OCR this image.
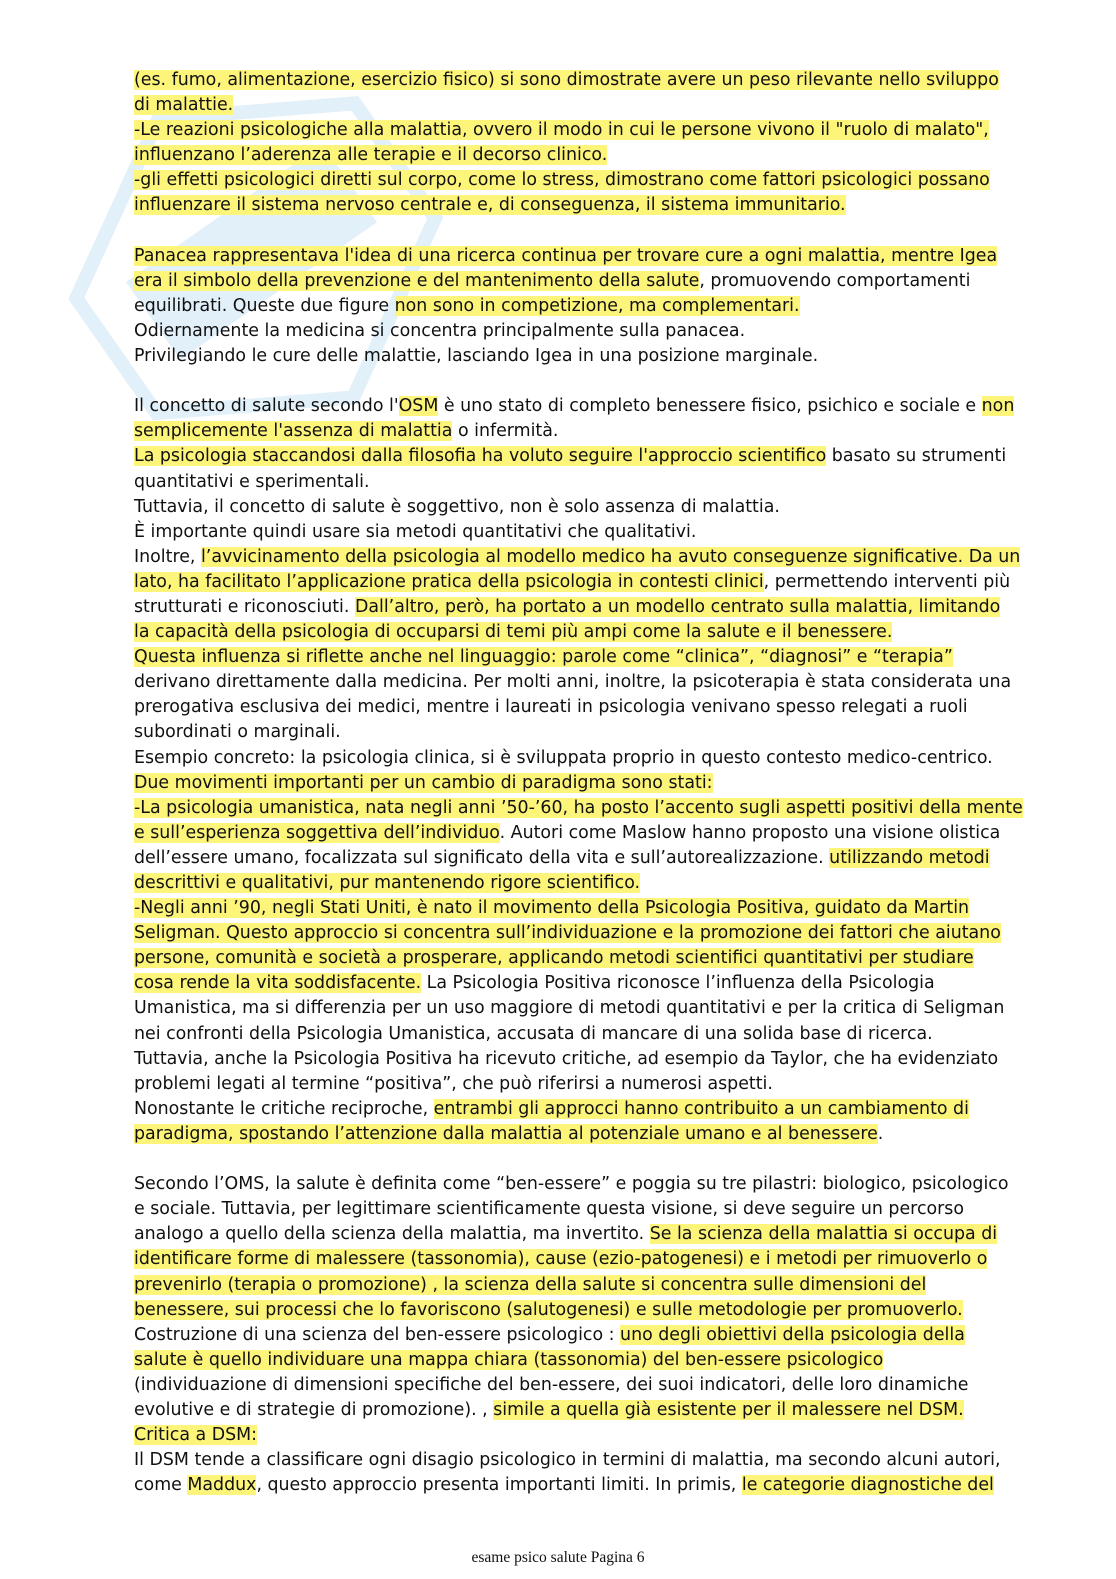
(es. fumo, alimentazione, esercizio fisico) si sono dimostrate avere un peso rilevante nello sviluppo
di malattie.
-Le reazioni psicologiche alla malattia, ovvero il modo in cui le persone vivono il "ruolo di malato",
influenzano l’aderenza alle terapie e il decorso clinico.
-gli effetti psicologici diretti sul corpo, come lo stress, dimostrano come fattori psicologici possano
influenzare il sistema nervoso centrale e, di conseguenza, il sistema immunitario.
Panacea rappresentava l'idea di una ricerca continua per trovare cure a ogni malattia, mentre Igea
era il simbolo della prevenzione e del mantenimento della salute, promuovendo comportamenti
equilibrati. Queste due figure non sono in competizione, ma complementari.
Odiernamente la medicina si concentra principalmente sulla panacea.
Privilegiando le cure delle malattie, lasciando Igea in una posizione marginale.
Il concetto di salute secondo l'OSM è uno stato di completo benessere fisico, psichico e sociale e non
semplicemente l'assenza di malattia o infermità.
La psicologia staccandosi dalla filosofia ha voluto seguire l'approccio scientifico basato su strumenti
quantitativi e sperimentali.
Tuttavia, il concetto di salute è soggettivo, non è solo assenza di malattia.
È importante quindi usare sia metodi quantitativi che qualitativi.
Inoltre, l’avvicinamento della psicologia al modello medico ha avuto conseguenze significative. Da un
lato, ha facilitato l’applicazione pratica della psicologia in contesti clinici, permettendo interventi più
strutturati e riconosciuti. Dall’altro, però, ha portato a un modello centrato sulla malattia, limitando
la capacità della psicologia di occuparsi di temi più ampi come la salute e il benessere.
Questa influenza si riflette anche nel linguaggio: parole come “clinica”, “diagnosi” e “terapia”
derivano direttamente dalla medicina. Per molti anni, inoltre, la psicoterapia è stata considerata una
prerogativa esclusiva dei medici, mentre i laureati in psicologia venivano spesso relegati a ruoli
subordinati o marginali.
Esempio concreto: la psicologia clinica, si è sviluppata proprio in questo contesto medico-centrico.
Due movimenti importanti per un cambio di paradigma sono stati:
-La psicologia umanistica, nata negli anni ’50-’60, ha posto l’accento sugli aspetti positivi della mente
e sull’esperienza soggettiva dell’individuo. Autori come Maslow hanno proposto una visione olistica
dell’essere umano, focalizzata sul significato della vita e sull’autorealizzazione. utilizzando metodi
descrittivi e qualitativi, pur mantenendo rigore scientifico.
-Negli anni ’90, negli Stati Uniti, è nato il movimento della Psicologia Positiva, guidato da Martin
Seligman. Questo approccio si concentra sull’individuazione e la promozione dei fattori che aiutano
persone, comunità e società a prosperare, applicando metodi scientifici quantitativi per studiare
cosa rende la vita soddisfacente. La Psicologia Positiva riconosce l’influenza della Psicologia
Umanistica, ma si differenzia per un uso maggiore di metodi quantitativi e per la critica di Seligman
nei confronti della Psicologia Umanistica, accusata di mancare di una solida base di ricerca.
Tuttavia, anche la Psicologia Positiva ha ricevuto critiche, ad esempio da Taylor, che ha evidenziato
problemi legati al termine “positiva”, che può riferirsi a numerosi aspetti.
Nonostante le critiche reciproche, entrambi gli approcci hanno contribuito a un cambiamento di
paradigma, spostando l’attenzione dalla malattia al potenziale umano e al benessere.
Secondo l’OMS, la salute è definita come “ben-essere” e poggia su tre pilastri: biologico, psicologico
e sociale. Tuttavia, per legittimare scientificamente questa visione, si deve seguire un percorso
analogo a quello della scienza della malattia, ma invertito. Se la scienza della malattia si occupa di
identificare forme di malessere (tassonomia), cause (ezio-patogenesi) e i metodi per rimuoverlo o
prevenirlo (terapia o promozione) , la scienza della salute si concentra sulle dimensioni del
benessere, sui processi che lo favoriscono (salutogenesi) e sulle metodologie per promuoverlo.
Costruzione di una scienza del ben-essere psicologico : uno degli obiettivi della psicologia della
salute è quello individuare una mappa chiara (tassonomia) del ben-essere psicologico
(individuazione di dimensioni specifiche del ben-essere, dei suoi indicatori, delle loro dinamiche
evolutive e di strategie di promozione). , simile a quella già esistente per il malessere nel DSM.
Critica a DSM:
Il DSM tende a classificare ogni disagio psicologico in termini di malattia, ma secondo alcuni autori,
come Maddux, questo approccio presenta importanti limiti. In primis, le categorie diagnostiche del
esame psico salute Pagina 6
